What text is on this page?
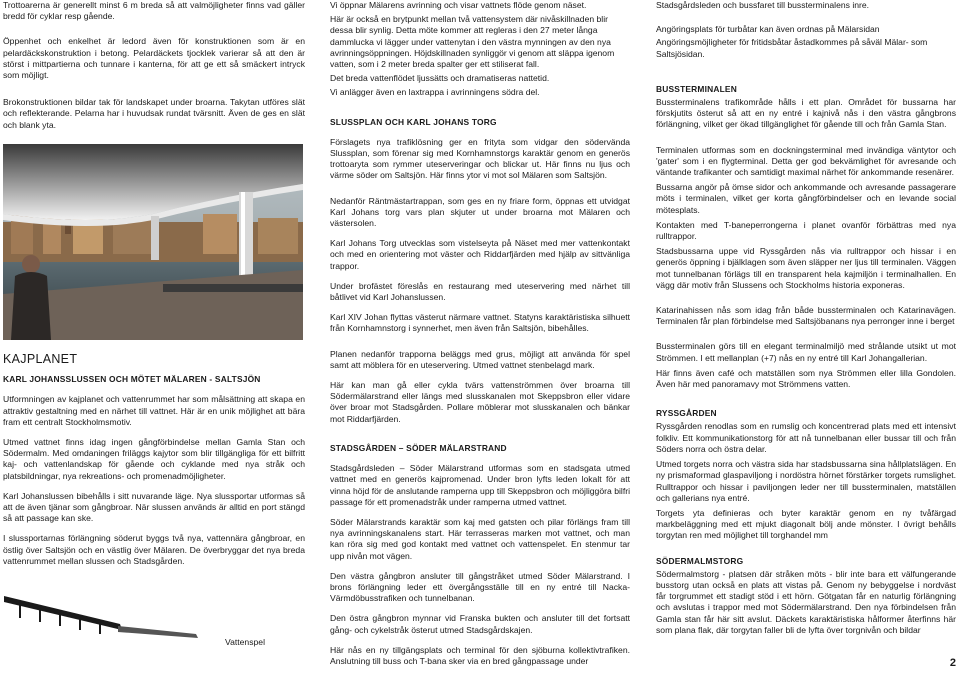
Trottoarerna är generellt minst 6 m breda så att valmöjligheter finns vad gäller bredd för cyklar resp gående.

Öppenhet och enkelhet är ledord även för konstruktionen som är en pelardäckskonstruktion i betong. Pelardäckets tjocklek varierar så att den är störst i mittpartierna och tunnare i kanterna, för att ge ett så smäckert intryck som möjligt.

Brokonstruktionen bildar tak för landskapet under broarna. Takytan utföres slät och reflekterande. Pelarna har i huvudsak rundat tvärsnitt. Även de ges en slät och blank yta.

KAJPLANET

KARL JOHANSSLUSSEN OCH MÖTET MÄLAREN - SALTSJÖN

Utformningen av kajplanet och vattenrummet har som målsättning att skapa en attraktiv gestaltning med en närhet till vattnet. Här är en unik möjlighet att bära fram ett centralt Stockholmsmotiv.

Utmed vattnet finns idag ingen gångförbindelse mellan Gamla Stan och Södermalm. Med omdaningen friläggs kajytor som blir tillgängliga för ett bilfritt kaj- och vattenlandskap för gående och cyklande med nya stråk och platsbildningar, nya rekreations- och promenadmöjligheter.

Karl Johanslussen bibehålls i sitt nuvarande läge. Nya slussportar utformas så att de även tjänar som gångbroar. När slussen används är alltid en port stängd så att passage kan ske.

I slussportarnas förlängning söderut byggs två nya, vattennära gångbroar, en östlig över Saltsjön och en västlig över Mälaren. De överbryggar det nya breda vattenrummet mellan slussen och Stadsgården.

Vattenspel

Vi öppnar Mälarens avrinning och visar vattnets flöde genom näset.

Här är också en brytpunkt mellan två vattensystem där nivåskillnaden blir dessa blir synlig. Detta möte kommer att regleras i den 27 meter långa dammlucka vi lägger under vattenytan i den västra mynningen av den nya avrinningsöppningen. Höjdskillnaden synliggör vi genom att släppa igenom vatten, som i 2 meter breda spalter ger ett stiliserat fall.

Det breda vattenflödet ljussätts och dramatiseras nattetid.

Vi anlägger även en laxtrappa i avrinningens södra del.

SLUSSPLAN OCH KARL JOHANS TORG

Förslagets nya trafiklösning ger en frityta som vidgar den södervända Slussplan, som förenar sig med Kornhamnstorgs karaktär genom en generös trottoaryta som rymmer uteserveringar och blickar ut. Här finns nu ljus och värme söder om Saltsjön. Här finns ytor vi mot sol Mälaren som Saltsjön.

Nedanför Räntmästartrappan, som ges en ny friare form, öppnas ett utvidgat Karl Johans torg vars plan skjuter ut under broarna mot Mälaren och västersolen.

Karl Johans Torg utvecklas som vistelseyta på Näset med mer vattenkontakt och med en orientering mot väster och Riddarfjärden med hjälp av sittvänliga trappor.

Under brofästet föreslås en restaurang med uteservering med närhet till båtlivet vid Karl Johanslussen.

Karl XIV Johan flyttas västerut närmare vattnet. Statyns karaktäristiska silhuett från Kornhamnstorg i synnerhet, men även från Saltsjön, bibehålles.

Planen nedanför trapporna beläggs med grus, möjligt att använda för spel samt att möblera för en uteservering. Utmed vattnet stenbelagd mark.

Här kan man gå eller cykla tvärs vattenströmmen över broarna till Södermälarstrand eller längs med slusskanalen mot Skeppsbron eller vidare över broar mot Stadsgården. Pollare möblerar mot slusskanalen och bänkar mot Riddarfjärden.

STADSGÅRDEN – SÖDER MÄLARSTRAND

Stadsgårdsleden – Söder Mälarstrand utformas som en stadsgata utmed vattnet med en generös kajpromenad. Under bron lyfts leden lokalt för att vinna höjd för de anslutande ramperna upp till Skeppsbron och möjliggöra bilfri passage för ett promenadstråk under ramperna utmed vattnet.

Söder Mälarstrands karaktär som kaj med gatsten och pilar förlängs fram till nya avrinningskanalens start. Här terrasseras marken mot vattnet, och man kan röra sig med god kontakt med vattnet och vattenspelet. En stenmur tar upp nivån mot vägen.

Den västra gångbron ansluter till gångstråket utmed Söder Mälarstrand. I brons förlängning leder ett övergångsställe till en ny entré till Nacka-Värmdöbusstrafiken och tunnelbanan.

Den östra gångbron mynnar vid Franska bukten och ansluter till det fortsatt gång- och cykelstråk österut utmed Stadsgårdskajen.

Här nås en ny tillgängsplats och terminal för den sjöburna kollektivtrafiken. Anslutning till buss och T-bana sker via en bred gångpassage under

Stadsgårdsleden och bussfaret till bussterminalens inre.

Angöringsplats för turbåtar kan även ordnas på Mälarsidan

Angöringsmöjligheter för fritidsbåtar åstadkommes på såväl Mälar- som Saltsjösidan.

BUSSTERMINALEN

Bussterminalens trafikområde hålls i ett plan. Området för bussarna har förskjutits österut så att en ny entré i kajnivå nås i den västra gångbrons förlängning, vilket ger ökad tillgänglighet för gående till och från Gamla Stan.

Terminalen utformas som en dockningsterminal med invändiga väntytor och 'gater' som i en flygterminal. Detta ger god bekvämlighet för avresande och väntande trafikanter och samtidigt maximal närhet för ankommande resenärer.

Bussarna angör på ömse sidor och ankommande och avresande passagerare möts i terminalen, vilket ger korta gångförbindelser och en levande social mötesplats.

Kontakten med T-baneperrongerna i planet ovanför förbättras med nya rulltrappor.

Stadsbussarna uppe vid Ryssgården nås via rulltrappor och hissar i en generös öppning i bjälklagen som även släpper ner ljus till terminalen. Väggen mot tunnelbanan förlägs till en transparent hela kajmiljön i terminalhallen. En vägg där motiv från Slussens och Stockholms historia exponeras.

Katarinahissen nås som idag från både bussterminalen och Katarinavägen. Terminalen får plan förbindelse med Saltsjöbanans nya perronger inne i berget

Bussterminalen görs till en elegant terminalmiljö med strålande utsikt ut mot Strömmen. I ett mellanplan (+7) nås en ny entré till Karl Johangallerian.

Här finns även café och matställen som nya Strömmen eller lilla Gondolen. Även här med panoramavy mot Strömmens vatten.

RYSSGÅRDEN

Ryssgården renodlas som en rumslig och koncentrerad plats med ett intensivt folkliv. Ett kommunikationstorg för att nå tunnelbanan eller bussar till och från Söders norra och östra delar.

Utmed torgets norra och västra sida har stadsbussarna sina hållplatslägen. En ny prismaformad glaspaviljong i nordöstra hörnet förstärker torgets rumslighet. Rulltrappor och hissar i paviljongen leder ner till bussterminalen, matställen och gallerians nya entré.

Torgets yta definieras och byter karaktär genom en ny tvåfärgad markbeläggning med ett mjukt diagonalt bölj ande mönster. I övrigt behålls torgytan ren med möjlighet till torghandel mm

SÖDERMALMSTORG

Södermalmstorg - platsen där stråken möts - blir inte bara ett välfungerande busstorg utan också en plats att vistas på. Genom ny bebyggelse i nordväst får torgrummet ett stadigt stöd i ett hörn. Götgatan får en naturlig förlängning och avslutas i trappor med mot Södermälarstrand. Den nya förbindelsen från Gamla stan får här sitt avslut. Däckets karaktäristiska hålformer återfinns här som plana flak, där torgytan faller bli de lyfta över torgnivån och bildar

2
